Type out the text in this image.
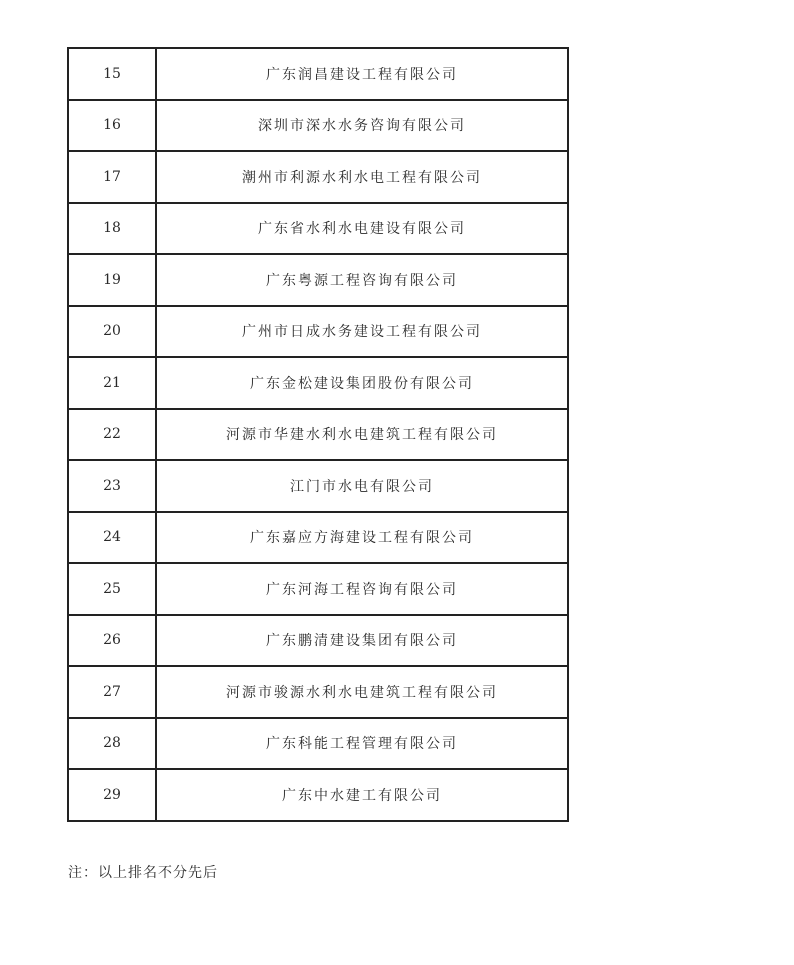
15	广东润昌建设工程有限公司
16	深圳市深水水务咨询有限公司
17	潮州市利源水利水电工程有限公司
18	广东省水利水电建设有限公司
19	广东粤源工程咨询有限公司
20	广州市日成水务建设工程有限公司
21	广东金松建设集团股份有限公司
22	河源市华建水利水电建筑工程有限公司
23	江门市水电有限公司
24	广东嘉应方海建设工程有限公司
25	广东河海工程咨询有限公司
26	广东鹏清建设集团有限公司
27	河源市骏源水利水电建筑工程有限公司
28	广东科能工程管理有限公司
29	广东中水建工有限公司
注：以上排名不分先后
